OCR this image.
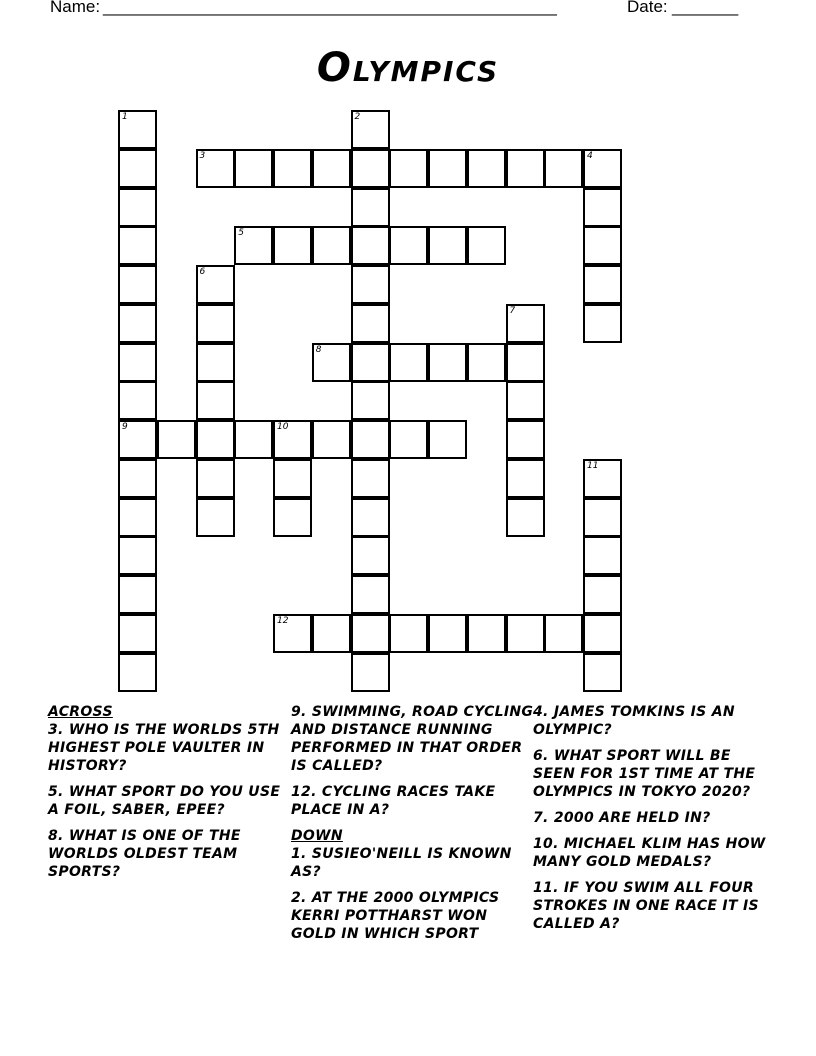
Name: ________________________________________________	Date: _______
Olympics
1
9
2
3	4
5
6
7
8
10
11
12
ACROSS
3. WHO IS THE WORLDS 5TH HIGHEST POLE VAULTER IN HISTORY?
5. WHAT SPORT DO YOU USE A FOIL, SABER, EPEE?
8. WHAT IS ONE OF THE WORLDS OLDEST TEAM SPORTS?
9. SWIMMING, ROAD CYCLING AND DISTANCE RUNNING PERFORMED IN THAT ORDER IS CALLED?
12. CYCLING RACES TAKE PLACE IN A?
DOWN
1. SUSIEO'NEILL IS KNOWN AS?
2. AT THE 2000 OLYMPICS KERRI POTTHARST WON GOLD IN WHICH SPORT
4. JAMES TOMKINS IS AN OLYMPIC?
6. WHAT SPORT WILL BE SEEN FOR 1ST TIME AT THE OLYMPICS IN TOKYO 2020?
7. 2000 ARE HELD IN?
10. MICHAEL KLIM HAS HOW MANY GOLD MEDALS?
11. IF YOU SWIM ALL FOUR STROKES IN ONE RACE IT IS CALLED A?
